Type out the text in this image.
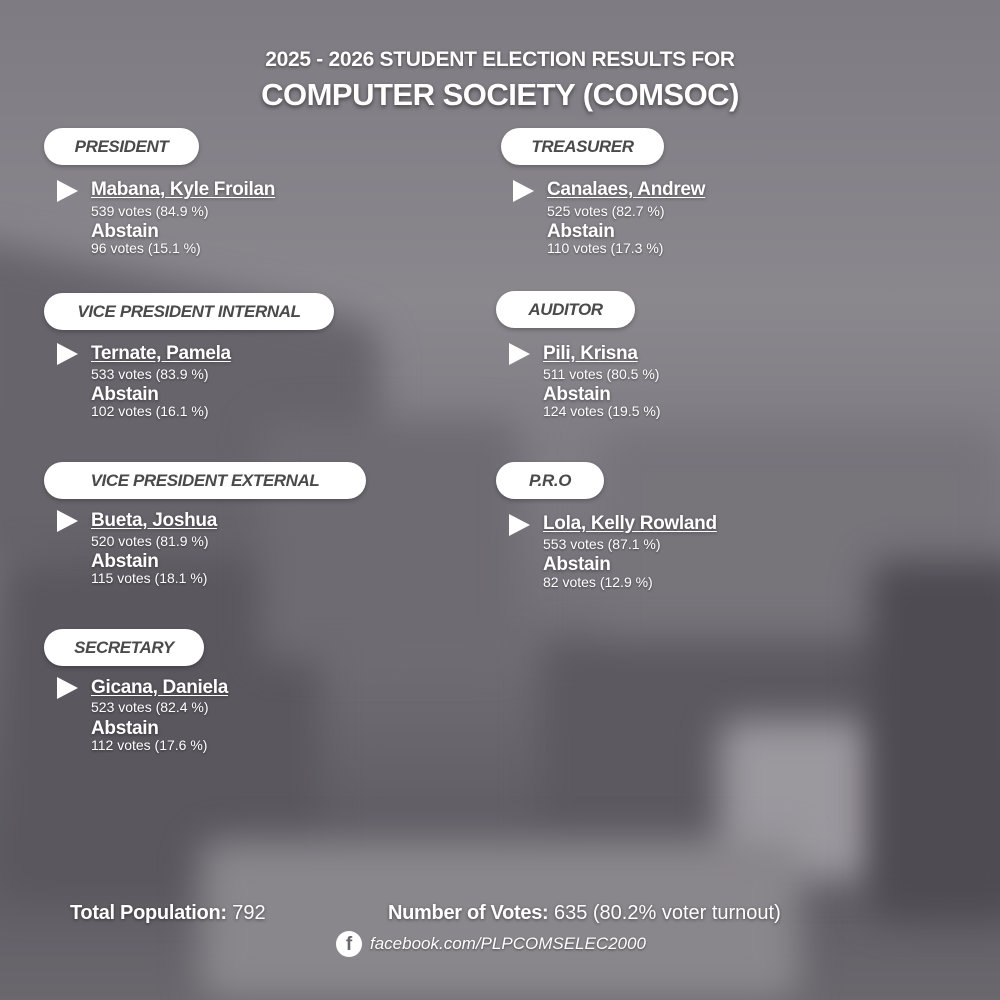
2025 - 2026 STUDENT ELECTION RESULTS FOR
COMPUTER SOCIETY (COMSOC)
PRESIDENT
Mabana, Kyle Froilan
539 votes (84.9 %)
Abstain
96 votes (15.1 %)
VICE PRESIDENT INTERNAL
Ternate, Pamela
533 votes (83.9 %)
Abstain
102 votes (16.1 %)
VICE PRESIDENT EXTERNAL
Bueta, Joshua
520 votes (81.9 %)
Abstain
115 votes (18.1 %)
SECRETARY
Gicana, Daniela
523 votes (82.4 %)
Abstain
112 votes (17.6 %)
TREASURER
Canalaes, Andrew
525 votes (82.7 %)
Abstain
110 votes (17.3 %)
AUDITOR
Pili, Krisna
511 votes (80.5 %)
Abstain
124 votes (19.5 %)
P.R.O
Lola, Kelly Rowland
553 votes (87.1 %)
Abstain
82 votes (12.9 %)
Total Population: 792	Number of Votes: 635 (80.2% voter turnout)
f	facebook.com/PLPCOMSELEC2000
